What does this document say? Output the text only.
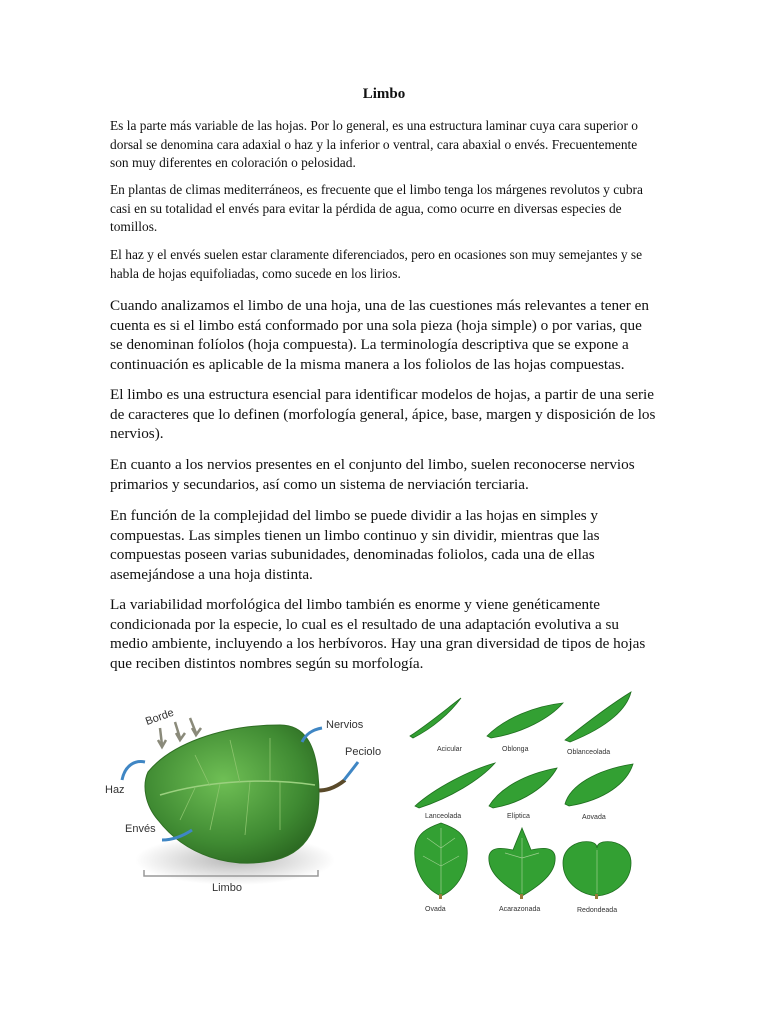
Limbo

Es la parte más variable de las hojas. Por lo general, es una estructura laminar cuya cara superior o dorsal se denomina cara adaxial o haz y la inferior o ventral, cara abaxial o envés. Frecuentemente son muy diferentes en coloración o pelosidad.

En plantas de climas mediterráneos, es frecuente que el limbo tenga los márgenes revolutos y cubra casi en su totalidad el envés para evitar la pérdida de agua, como ocurre en diversas especies de tomillos.

El haz y el envés suelen estar claramente diferenciados, pero en ocasiones son muy semejantes y se habla de hojas equifoliadas, como sucede en los lirios.

Cuando analizamos el limbo de una hoja, una de las cuestiones más relevantes a tener en cuenta es si el limbo está conformado por una sola pieza (hoja simple) o por varias, que se denominan folíolos (hoja compuesta). La terminología descriptiva que se expone a continuación es aplicable de la misma manera a los foliolos de las hojas compuestas.

El limbo es una estructura esencial para identificar modelos de hojas, a partir de una serie de caracteres que lo definen (morfología general, ápice, base, margen y disposición de los nervios).

En cuanto a los nervios presentes en el conjunto del limbo, suelen reconocerse nervios primarios y secundarios, así como un sistema de nerviación terciaria.

En función de la complejidad del limbo se puede dividir a las hojas en simples y compuestas. Las simples tienen un limbo continuo y sin dividir, mientras que las compuestas poseen varias subunidades, denominadas foliolos, cada una de ellas asemejándose a una hoja distinta.

La variabilidad morfológica del limbo también es enorme y viene genéticamente condicionada por la especie, lo cual es el resultado de una adaptación evolutiva a su medio ambiente, incluyendo a los herbívoros. Hay una gran diversidad de tipos de hojas que reciben distintos nombres según su morfología.

Borde	Nervios
Peciolo
Haz
Envés
Limbo
Acicular	Oblonga	Oblanceolada
Lanceolada	Elíptica	Aovada
Ovada	Acarazonada	Redondeada
